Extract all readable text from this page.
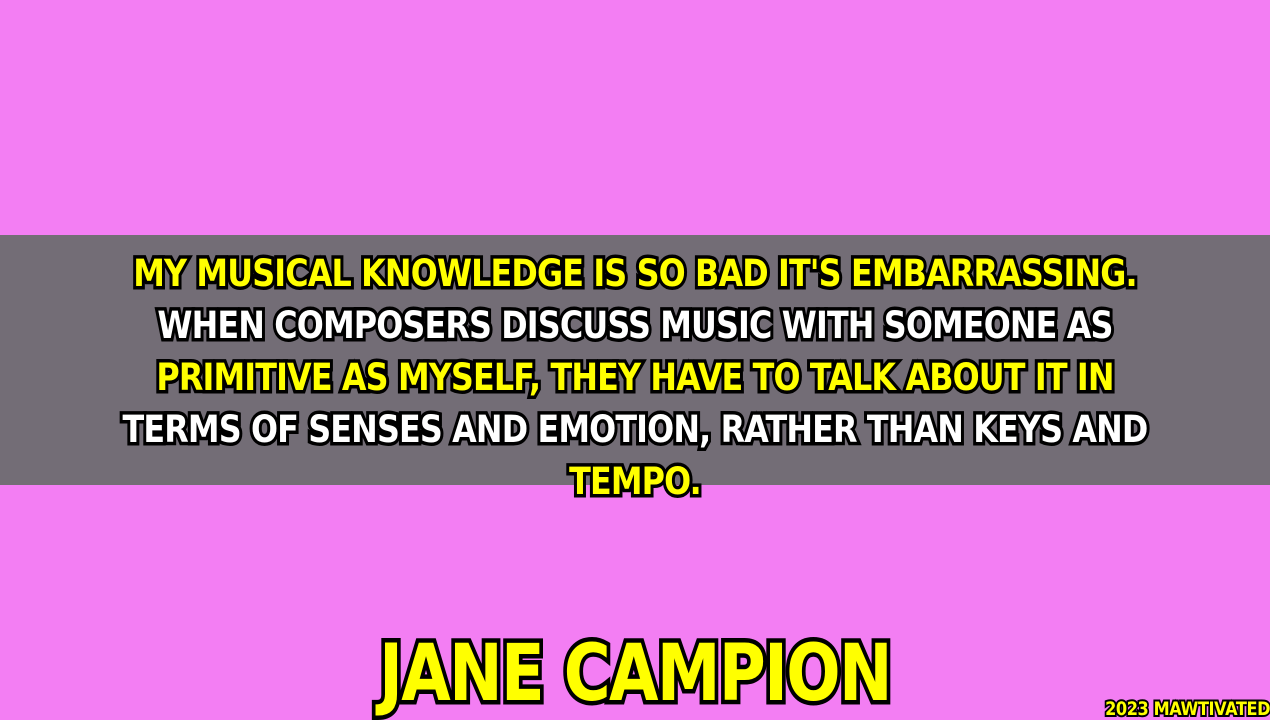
MY MUSICAL KNOWLEDGE IS SO BAD IT'S EMBARRASSING.
WHEN COMPOSERS DISCUSS MUSIC WITH SOMEONE AS
PRIMITIVE AS MYSELF, THEY HAVE TO TALK ABOUT IT IN
TERMS OF SENSES AND EMOTION, RATHER THAN KEYS AND
TEMPO.
JANE CAMPION	2023 MAWTIVATED
